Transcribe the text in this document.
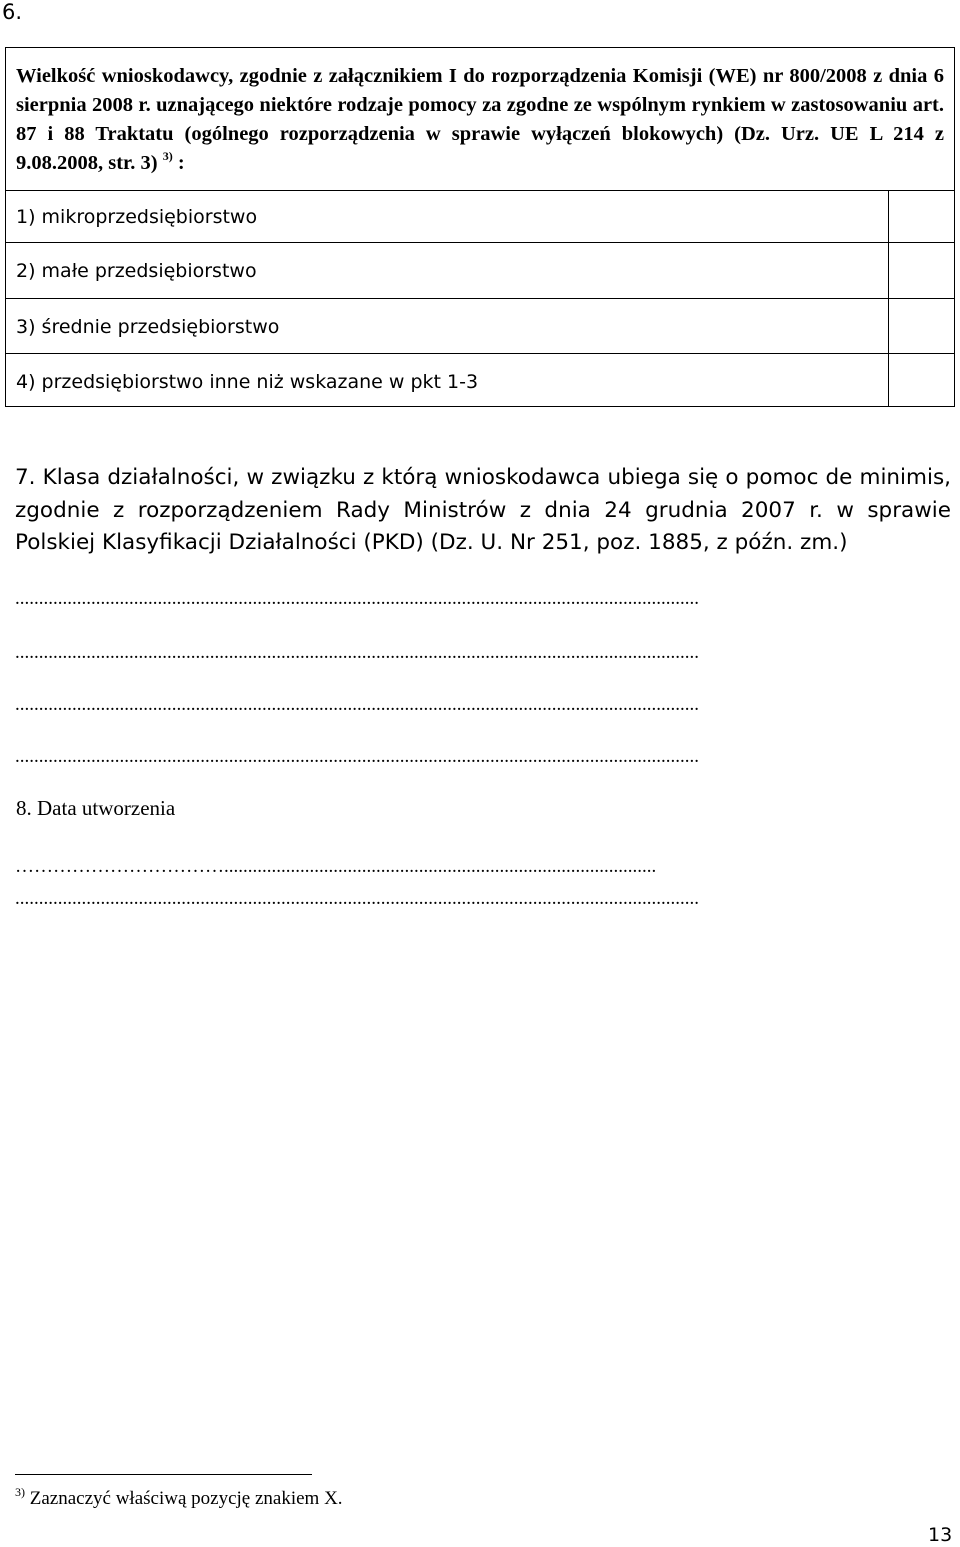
6.
Wielkość wnioskodawcy, zgodnie z załącznikiem I do rozporządzenia Komisji (WE) nr 800/2008 z dnia 6 sierpnia 2008 r. uznającego niektóre rodzaje pomocy za zgodne ze wspólnym rynkiem w zastosowaniu art. 87 i 88 Traktatu (ogólnego rozporządzenia w sprawie wyłączeń blokowych) (Dz. Urz. UE L 214 z 9.08.2008, str. 3) $^{3)}$ :
1) mikroprzedsiębiorstwo
2) małe przedsiębiorstwo
3) średnie przedsiębiorstwo
4) przedsiębiorstwo inne niż wskazane w pkt 1-3
7. Klasa działalności, w związku z którą wnioskodawca ubiega się o pomoc de minimis, zgodnie z rozporządzeniem Rady Ministrów z dnia 24 grudnia 2007 r. w sprawie Polskiej Klasyfikacji Działalności (PKD) (Dz. U. Nr 251, poz. 1885, z późn. zm.)
................................................................................................................................................
................................................................................................................................................
................................................................................................................................................
................................................................................................................................................
8. Data utworzenia
……………………………...........................................................................................
................................................................................................................................................
$^{3)}$ Zaznaczyć właściwą pozycję znakiem X.
13
